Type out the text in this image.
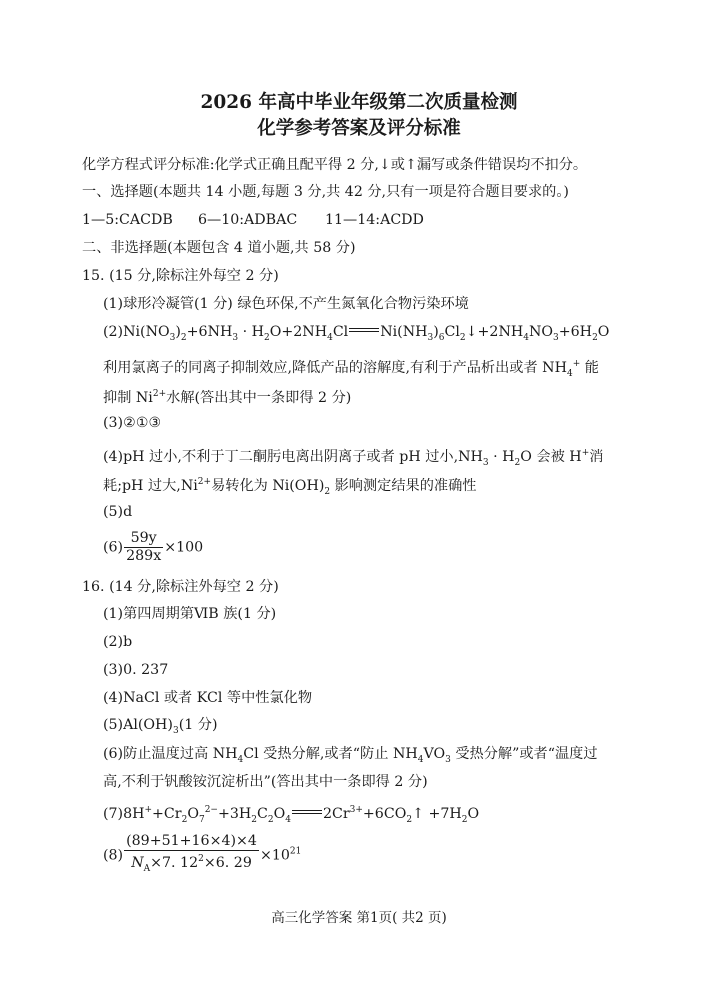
2026 年高中毕业年级第二次质量检测
化学参考答案及评分标准
化学方程式评分标准:化学式正确且配平得 2 分,↓或↑漏写或条件错误均不扣分。
一、选择题(本题共 14 小题,每题 3 分,共 42 分,只有一项是符合题目要求的。)
1—5:CACDB 6—10:ADBAC 11—14:ACDD
二、非选择题(本题包含 4 道小题,共 58 分)
15. (15 分,除标注外每空 2 分)
(1)球形冷凝管(1 分) 绿色环保,不产生氮氧化合物污染环境
$(2)Ni(NO_3)_2+6NH_3 \cdot H_2O+2NH_4Cl$ $Ni(NH_3)_6Cl_2↓+2NH_4NO_3+6H_2O$
利用氯离子的同离子抑制效应,降低产品的溶解度,有利于产品析出或者 $NH_4^+$ 能
抑制 $Ni^{2+}$水解(答出其中一条即得 2 分)
(3)②①③
(4)pH 过小,不利于丁二酮肟电离出阴离子或者 pH 过小$,NH_3 \cdot H_2O$ 会被 H+消
耗;pH 过大$,Ni^{2+}$易转化为 $Ni(OH)_2$ 影响测定结果的准确性
(5)d
$(6) \frac{59y}{289x} \times 100$
16. (14 分,除标注外每空 2 分)
(1)第四周期第ⅥB 族(1 分)
(2)b
(3)0. 237
(4)NaCl 或者 KCl 等中性氯化物
$(5)Al(OH)_3(1$ 分)
(6)防止温度过高 $NH_4Cl$ 受热分解,或者“防止 $NH_4VO_3$ 受热分解”或者“温度过
高,不利于钒酸铵沉淀析出”(答出其中一条即得 2 分)
$(7)8H^++Cr_2O_7^{2-}+3H_2C_2O_4$ $2Cr^{3+}+6CO_2↑ +7H_2O$
$(8) \frac{(89+51+16\times 4)\times 4}{N_A\times 7. 12^2\times 6. 29} \times 10^{21}$
高三化学答案 第1页( 共2 页)
